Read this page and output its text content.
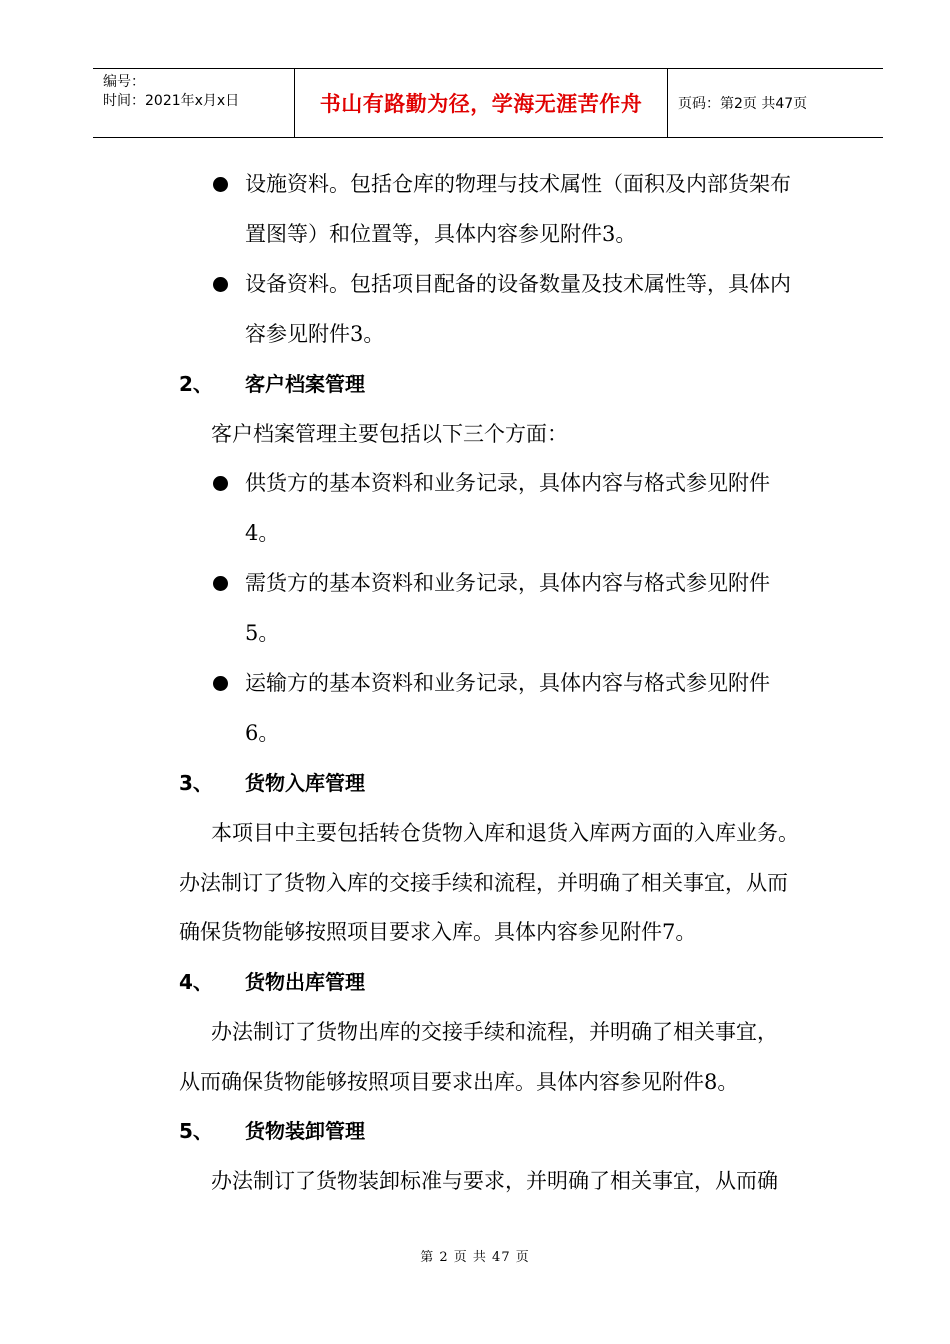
编号：
时间：2021年x月x日	书山有路勤为径，学海无涯苦作舟	页码：第2页 共47页
设施资料。包括仓库的物理与技术属性（面积及内部货架布
置图等）和位置等，具体内容参见附件3。
设备资料。包括项目配备的设备数量及技术属性等，具体内
容参见附件3。
2、 客户档案管理
客户档案管理主要包括以下三个方面：
供货方的基本资料和业务记录，具体内容与格式参见附件
4。
需货方的基本资料和业务记录，具体内容与格式参见附件
5。
运输方的基本资料和业务记录，具体内容与格式参见附件
6。
3、 货物入库管理
本项目中主要包括转仓货物入库和退货入库两方面的入库业务。
办法制订了货物入库的交接手续和流程，并明确了相关事宜，从而
确保货物能够按照项目要求入库。具体内容参见附件7。
4、 货物出库管理
办法制订了货物出库的交接手续和流程，并明确了相关事宜，
从而确保货物能够按照项目要求出库。具体内容参见附件8。
5、 货物装卸管理
办法制订了货物装卸标准与要求，并明确了相关事宜，从而确
第 2 页 共 47 页
